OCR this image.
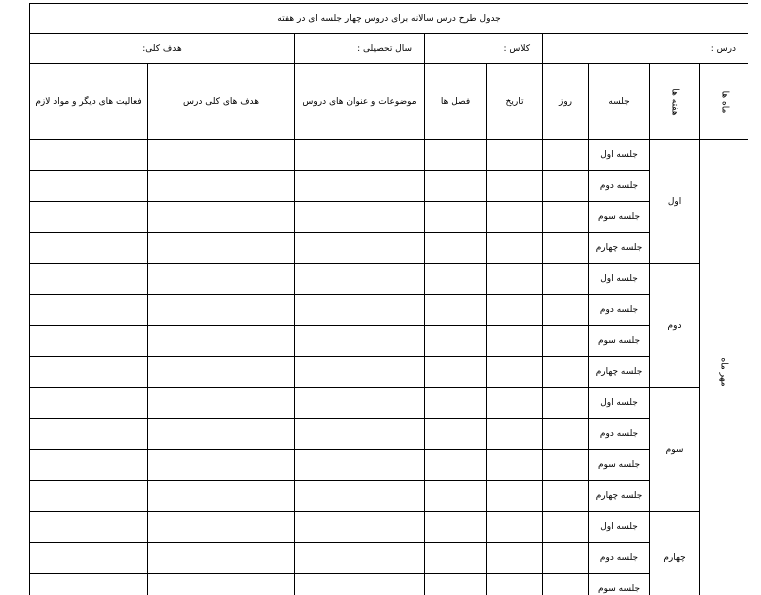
جدول طرح درس سالانه برای دروس چهار جلسه ای در هفته								
درس :				کلاس :		سال تحصیلی :	هدف کلی:	
ماه ها	هفته ها	جلسه	روز	تاریخ	فصل ها	موضوعات و عنوان های دروس	هدف های کلی درس	فعالیت های دیگر و مواد لازم
مهر ماه	اول	جلسه اول						
		جلسه دوم						
		جلسه سوم						
		جلسه چهارم						
	دوم	جلسه اول						
		جلسه دوم						
		جلسه سوم						
		جلسه چهارم						
	سوم	جلسه اول						
		جلسه دوم						
		جلسه سوم						
		جلسه چهارم						
	چهارم	جلسه اول						
		جلسه دوم						
		جلسه سوم						
